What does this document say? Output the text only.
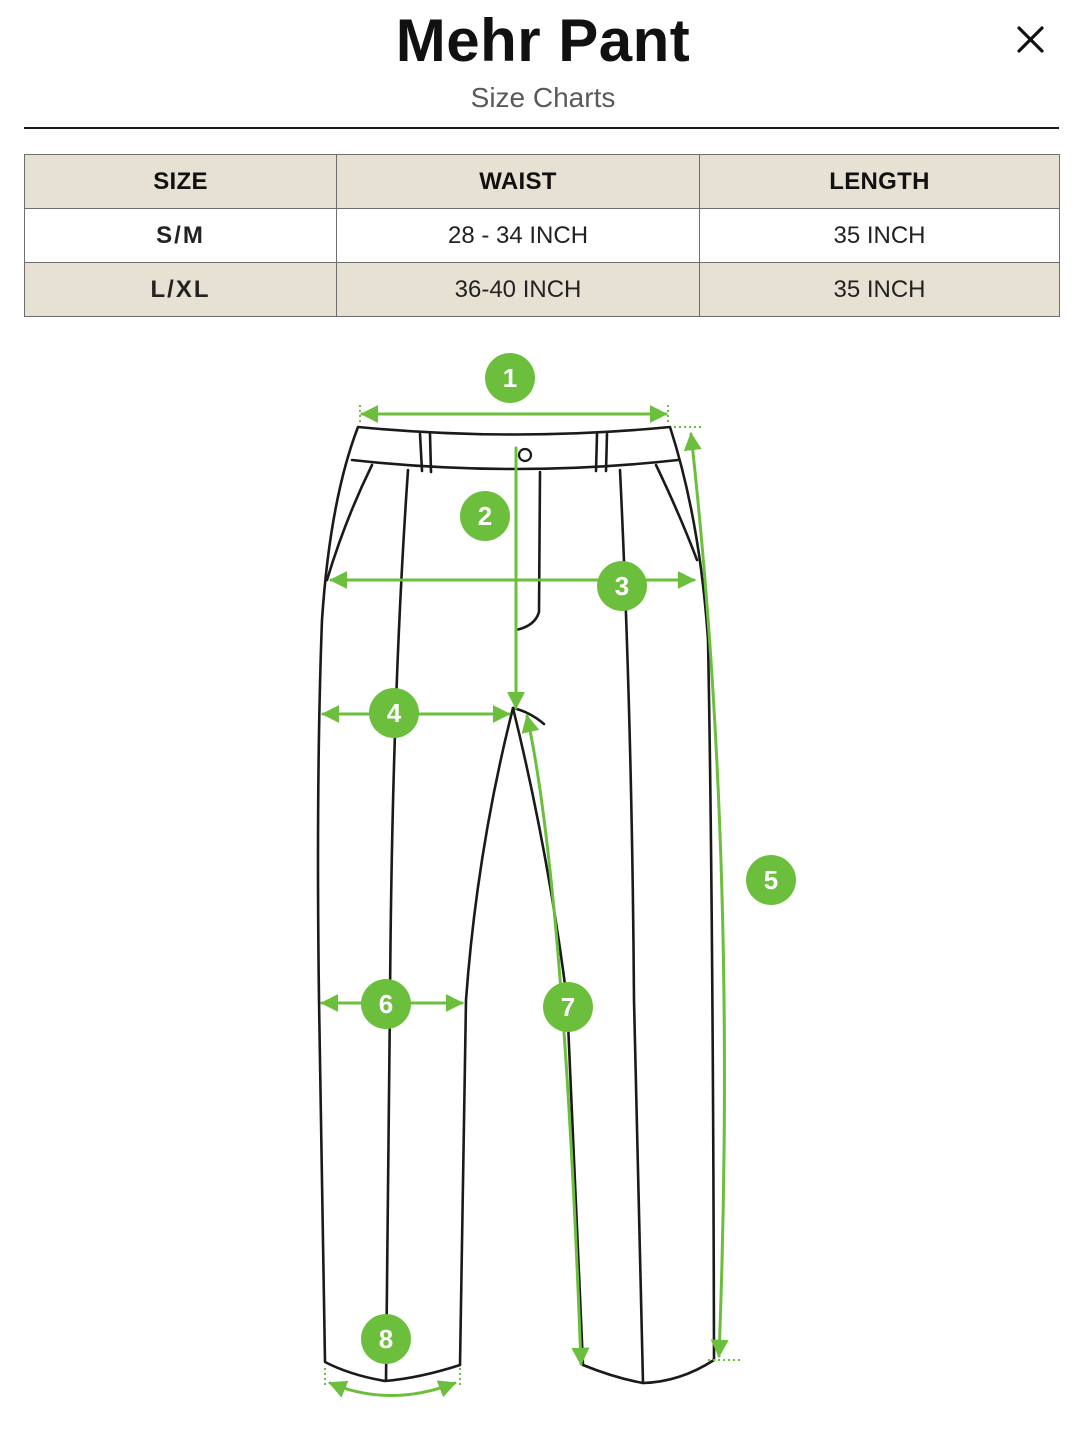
Mehr Pant
Size Charts
SIZE	WAIST	LENGTH
S/M	28 - 34 INCH	35 INCH
L/XL	36-40 INCH	35 INCH
1
2
3
4
5
6	7
8
